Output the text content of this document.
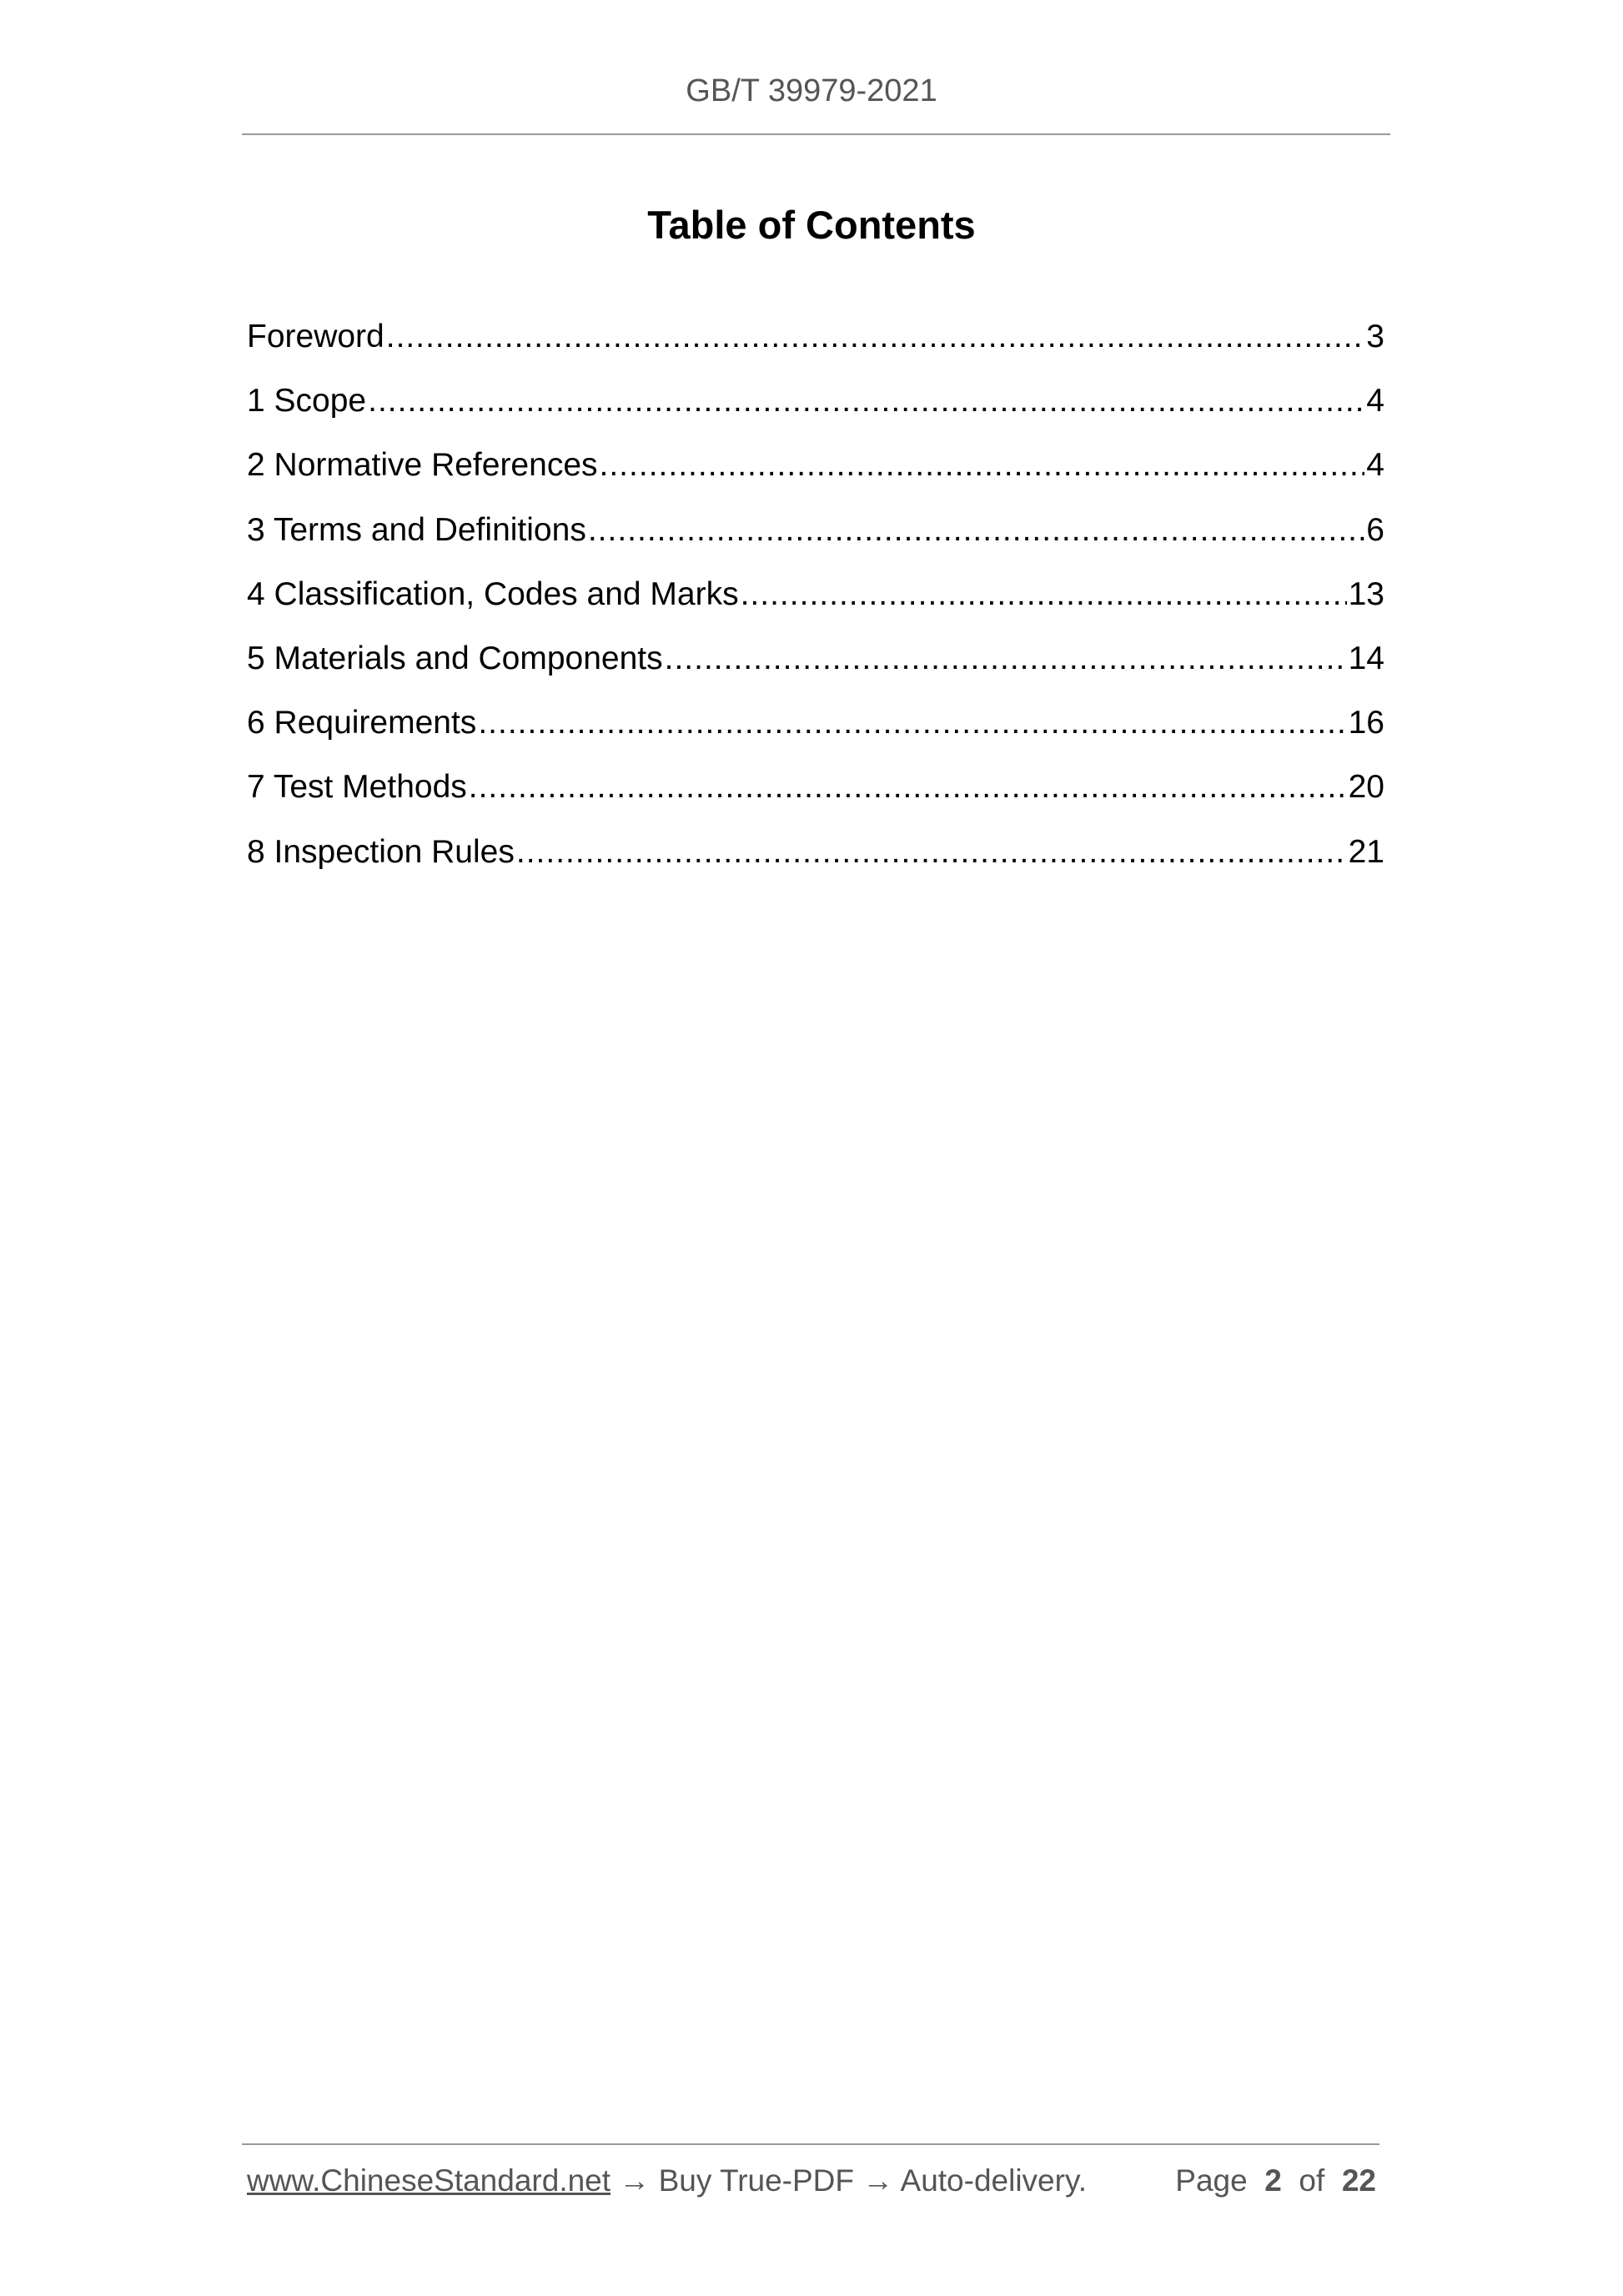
GB/T 39979-2021
Table of Contents
Foreword .....	3
1 Scope .....	4
2 Normative References .....	4
3 Terms and Definitions .....	6
4 Classification, Codes and Marks .....	13
5 Materials and Components .....	14
6 Requirements .....	16
7 Test Methods .....	20
8 Inspection Rules .....	21
www.ChineseStandard.net → Buy True-PDF → Auto-delivery.	Page 2 of 22
